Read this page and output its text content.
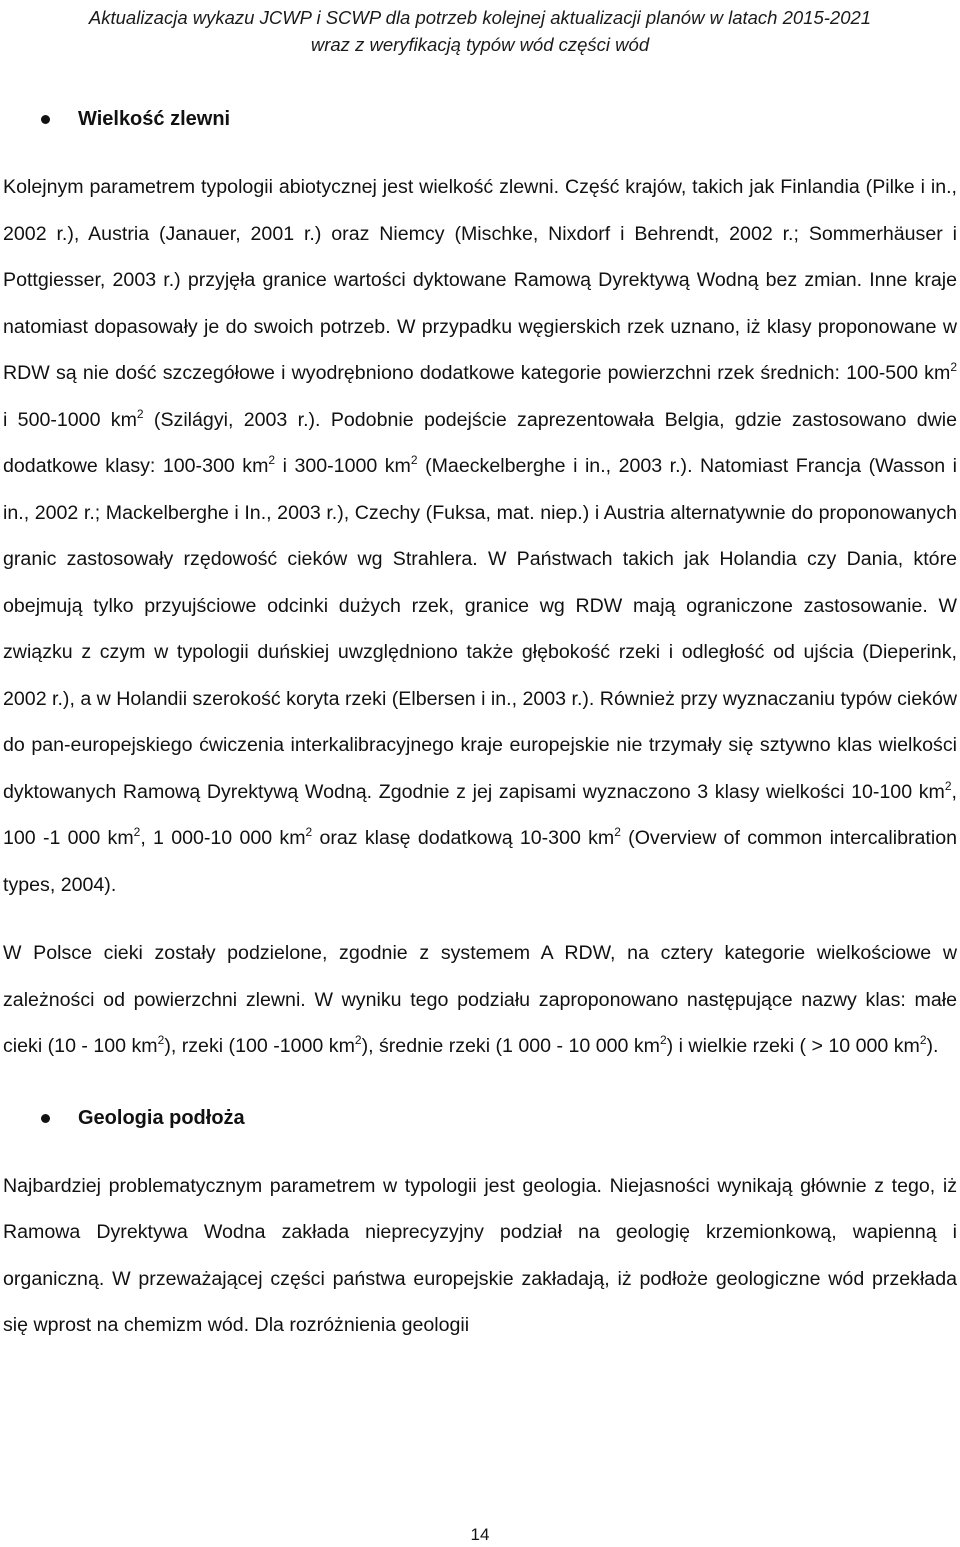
Aktualizacja wykazu JCWP i SCWP dla potrzeb kolejnej aktualizacji planów w latach 2015-2021
wraz z weryfikacją typów wód części wód
Wielkość zlewni

Kolejnym parametrem typologii abiotycznej jest wielkość zlewni. Część krajów, takich jak Finlandia (Pilke i in., 2002 r.), Austria (Janauer, 2001 r.) oraz Niemcy (Mischke, Nixdorf i Behrendt, 2002 r.; Sommerhäuser i Pottgiesser, 2003 r.) przyjęła granice wartości dyktowane Ramową Dyrektywą Wodną bez zmian. Inne kraje natomiast dopasowały je do swoich potrzeb. W przypadku węgierskich rzek uznano, iż klasy proponowane w RDW są nie dość szczegółowe i wyodrębniono dodatkowe kategorie powierzchni rzek średnich: 100-500 $km^2$ i 500-1000 $km^2$ (Szilágyi, 2003 r.). Podobnie podejście zaprezentowała Belgia, gdzie zastosowano dwie dodatkowe klasy: 100-300 $km^2$ i 300-1000 $km^2$ (Maeckelberghe i in., 2003 r.). Natomiast Francja (Wasson i in., 2002 r.; Mackelberghe i In., 2003 r.), Czechy (Fuksa, mat. niep.) i Austria alternatywnie do proponowanych granic zastosowały rzędowość cieków wg Strahlera. W Państwach takich jak Holandia czy Dania, które obejmują tylko przyujściowe odcinki dużych rzek, granice wg RDW mają ograniczone zastosowanie. W związku z czym w typologii duńskiej uwzględniono także głębokość rzeki i odległość od ujścia (Dieperink, 2002 r.), a w Holandii szerokość koryta rzeki (Elbersen i in., 2003 r.). Również przy wyznaczaniu typów cieków do pan-europejskiego ćwiczenia interkalibracyjnego kraje europejskie nie trzymały się sztywno klas wielkości dyktowanych Ramową Dyrektywą Wodną. Zgodnie z jej zapisami wyznaczono 3 klasy wielkości 10-100 $km^2$, 100 -1 000 $km^2$, 1 000-10 000 $km^2$ oraz klasę dodatkową 10-300 $km^2$ (Overview of common intercalibration types, 2004).

W Polsce cieki zostały podzielone, zgodnie z systemem A RDW, na cztery kategorie wielkościowe w zależności od powierzchni zlewni. W wyniku tego podziału zaproponowano następujące nazwy klas: małe cieki (10 - 100 $km^2$), rzeki (100 -1000 $km^2$), średnie rzeki (1 000 - 10 000 $km^2$) i wielkie rzeki ( > 10 000 $km^2$).

Geologia podłoża

Najbardziej problematycznym parametrem w typologii jest geologia. Niejasności wynikają głównie z tego, iż Ramowa Dyrektywa Wodna zakłada nieprecyzyjny podział na geologię krzemionkową, wapienną i organiczną. W przeważającej części państwa europejskie zakładają, iż podłoże geologiczne wód przekłada się wprost na chemizm wód. Dla rozróżnienia geologii

14
